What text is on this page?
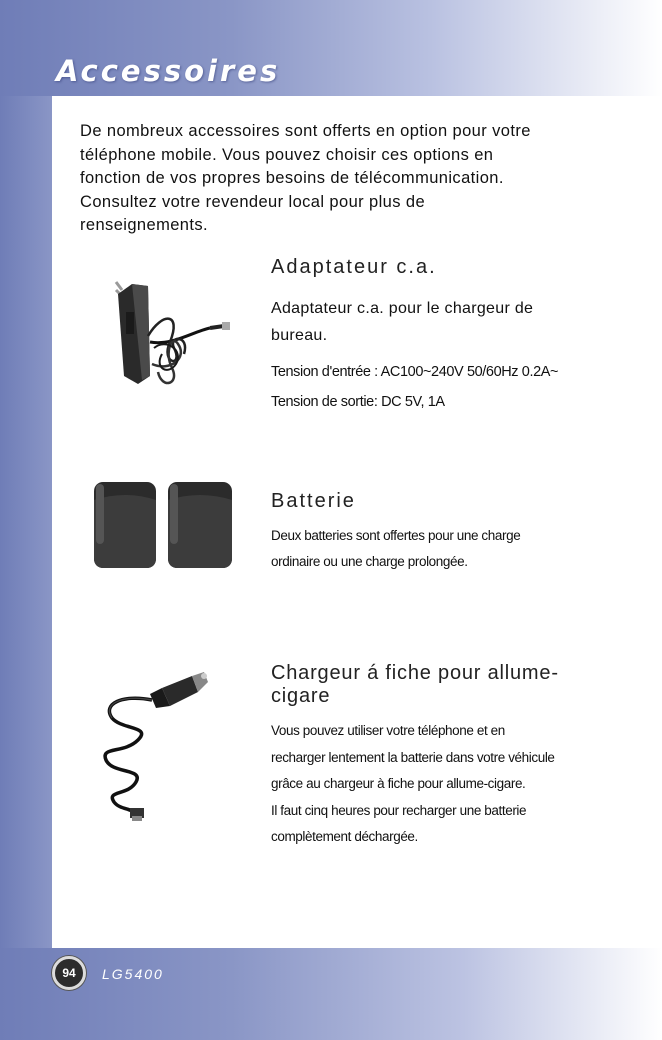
Accessoires
De nombreux accessoires sont offerts en option pour votre
téléphone mobile. Vous pouvez choisir ces options en
fonction de vos propres besoins de télécommunication.
Consultez votre revendeur local pour plus de
renseignements.
Adaptateur c.a.
Adaptateur c.a. pour le chargeur de
bureau.
Tension d'entrée : AC100~240V 50/60Hz 0.2A~
Tension de sortie: DC 5V, 1A
Batterie
Deux batteries sont offertes pour une charge
ordinaire ou une charge prolongée.
Chargeur á fiche pour allume-cigare
Vous pouvez utiliser votre téléphone et en
recharger lentement la batterie dans votre véhicule
grâce au chargeur à fiche pour allume-cigare.
Il faut cinq heures pour recharger une batterie
complètement déchargée.
94	LG5400
